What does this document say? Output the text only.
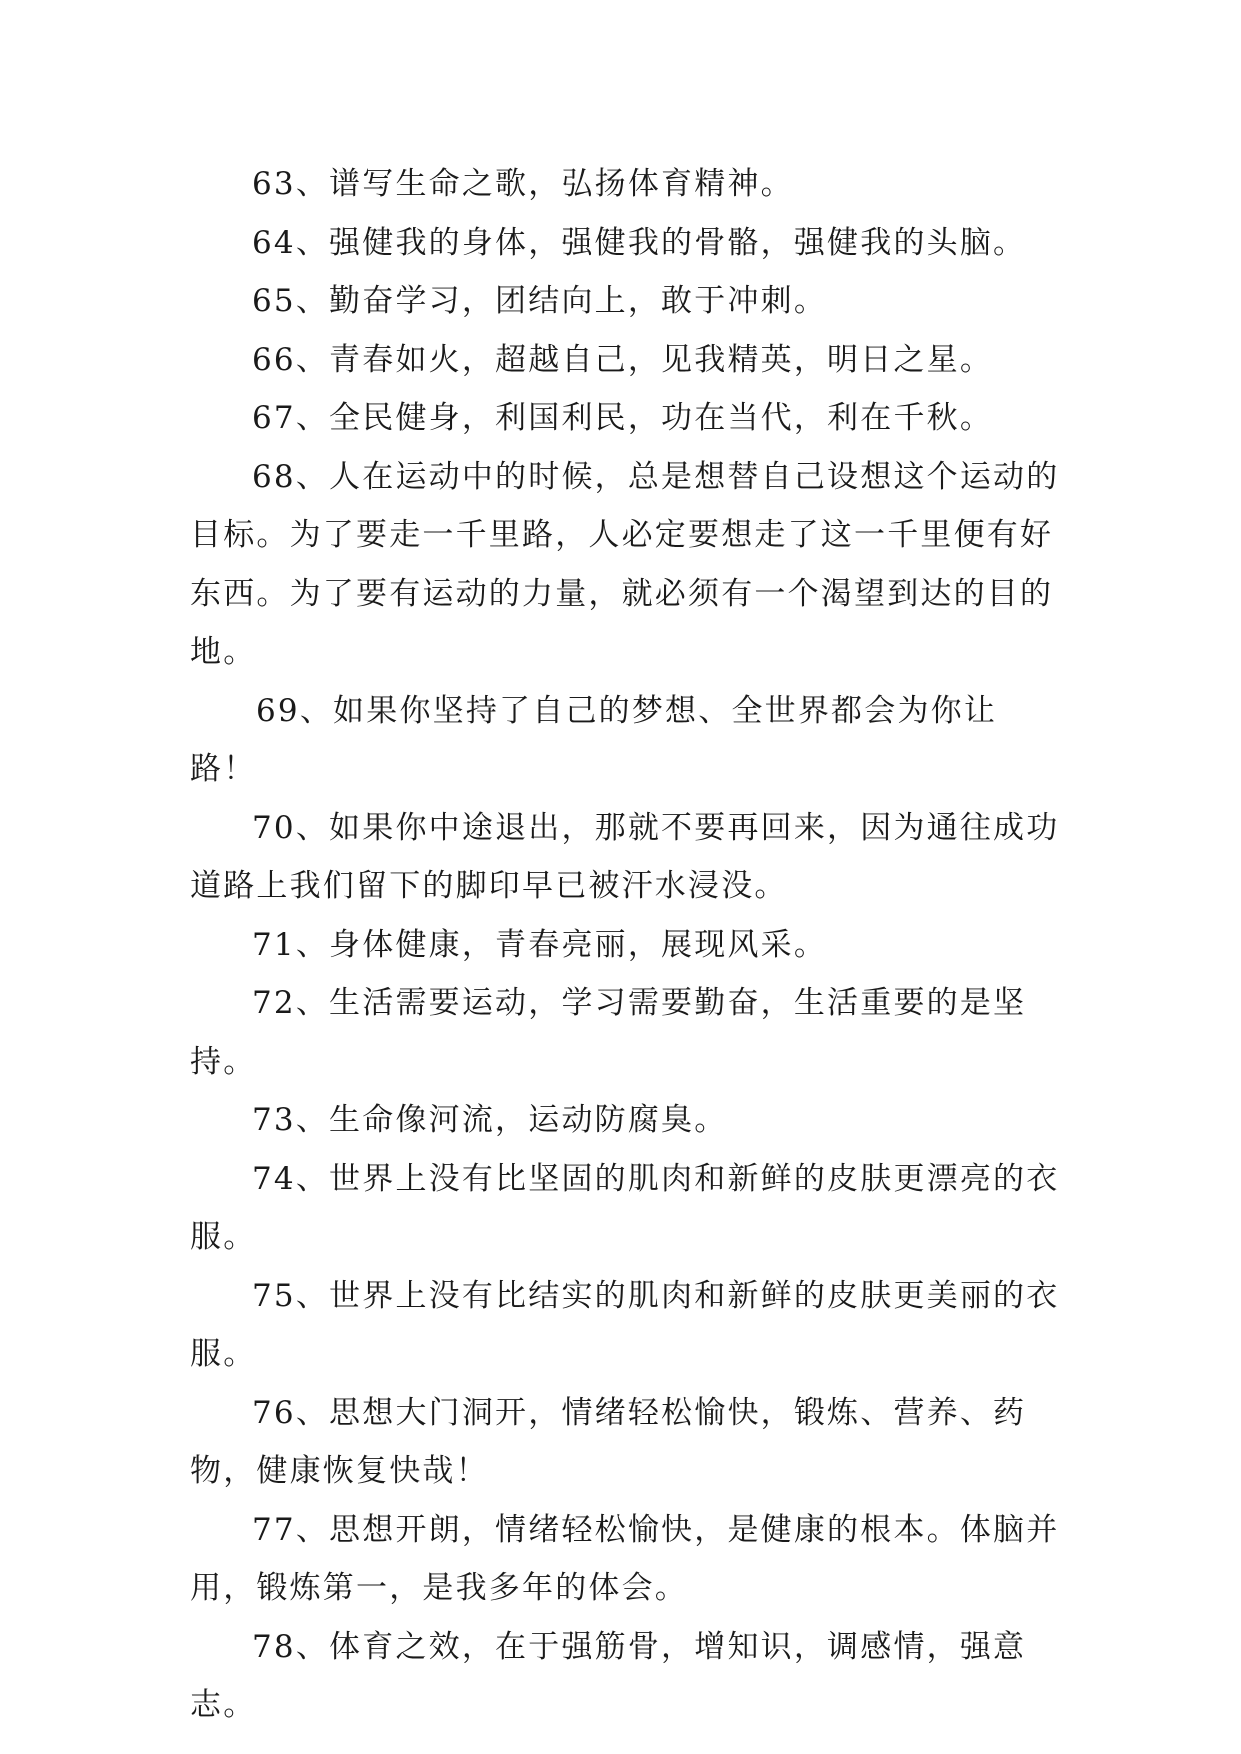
63、谱写生命之歌，弘扬体育精神。

64、强健我的身体，强健我的骨骼，强健我的头脑。

65、勤奋学习，团结向上，敢于冲刺。

66、青春如火，超越自己，见我精英，明日之星。

67、全民健身，利国利民，功在当代，利在千秋。

68、人在运动中的时候，总是想替自己设想这个运动的目标。为了要走一千里路，人必定要想走了这一千里便有好东西。为了要有运动的力量，就必须有一个渴望到达的目的地。

69、如果你坚持了自己的梦想、全世界都会为你让路！

70、如果你中途退出，那就不要再回来，因为通往成功道路上我们留下的脚印早已被汗水浸没。

71、身体健康，青春亮丽，展现风采。

72、生活需要运动，学习需要勤奋，生活重要的是坚持。

73、生命像河流，运动防腐臭。

74、世界上没有比坚固的肌肉和新鲜的皮肤更漂亮的衣服。

75、世界上没有比结实的肌肉和新鲜的皮肤更美丽的衣服。

76、思想大门洞开，情绪轻松愉快，锻炼、营养、药物，健康恢复快哉！

77、思想开朗，情绪轻松愉快，是健康的根本。体脑并用，锻炼第一，是我多年的体会。

78、体育之效，在于强筋骨，增知识，调感情，强意志。
